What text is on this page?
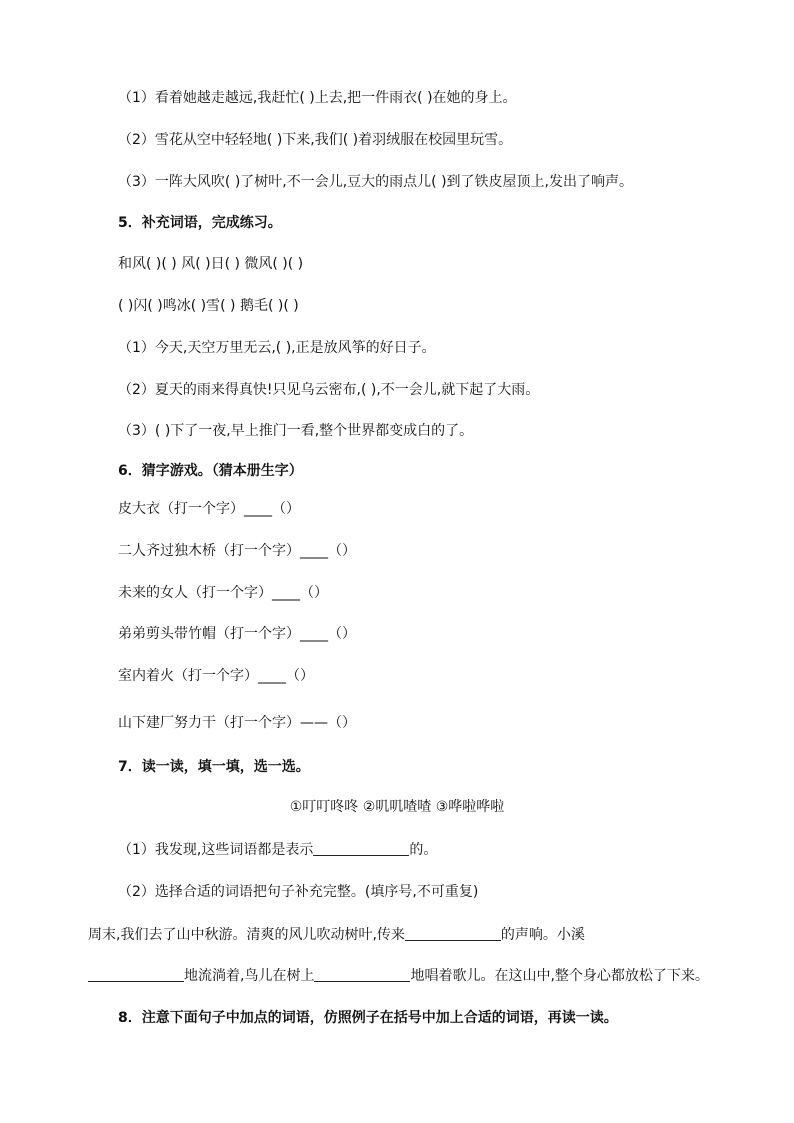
（1）看着她越走越远,我赶忙( )上去,把一件雨衣( )在她的身上。
（2）雪花从空中轻轻地( )下来,我们( )着羽绒服在校园里玩雪。
（3）一阵大风吹( )了树叶,不一会儿,豆大的雨点儿( )到了铁皮屋顶上,发出了响声。
5．补充词语，完成练习。
和风( )( ) 风( )日( ) 微风( )( )
( )闪( )鸣冰( )雪( ) 鹅毛( )( )
（1）今天,天空万里无云,( ),正是放风筝的好日子。
（2）夏天的雨来得真快!只见乌云密布,( ),不一会儿,就下起了大雨。
（3）( )下了一夜,早上推门一看,整个世界都变成白的了。
6．猜字游戏。（猜本册生字）
皮大衣（打一个字）____（）
二人齐过独木桥（打一个字）____（）
未来的女人（打一个字）____（）
弟弟剪头带竹帽（打一个字）____（）
室内着火（打一个字）____（）
山下建厂努力干（打一个字）——（）
7．读一读，填一填，选一选。
①叮叮咚咚 ②叽叽喳喳 ③哗啦哗啦
（1）我发现,这些词语都是表示	的。
（2）选择合适的词语把句子补充完整。(填序号,不可重复)
周末,我们去了山中秋游。清爽的风儿吹动树叶,传来	的声响。小溪
地流淌着,鸟儿在树上	地唱着歌儿。在这山中,整个身心都放松了下来。
8．注意下面句子中加点的词语，仿照例子在括号中加上合适的词语，再读一读。
